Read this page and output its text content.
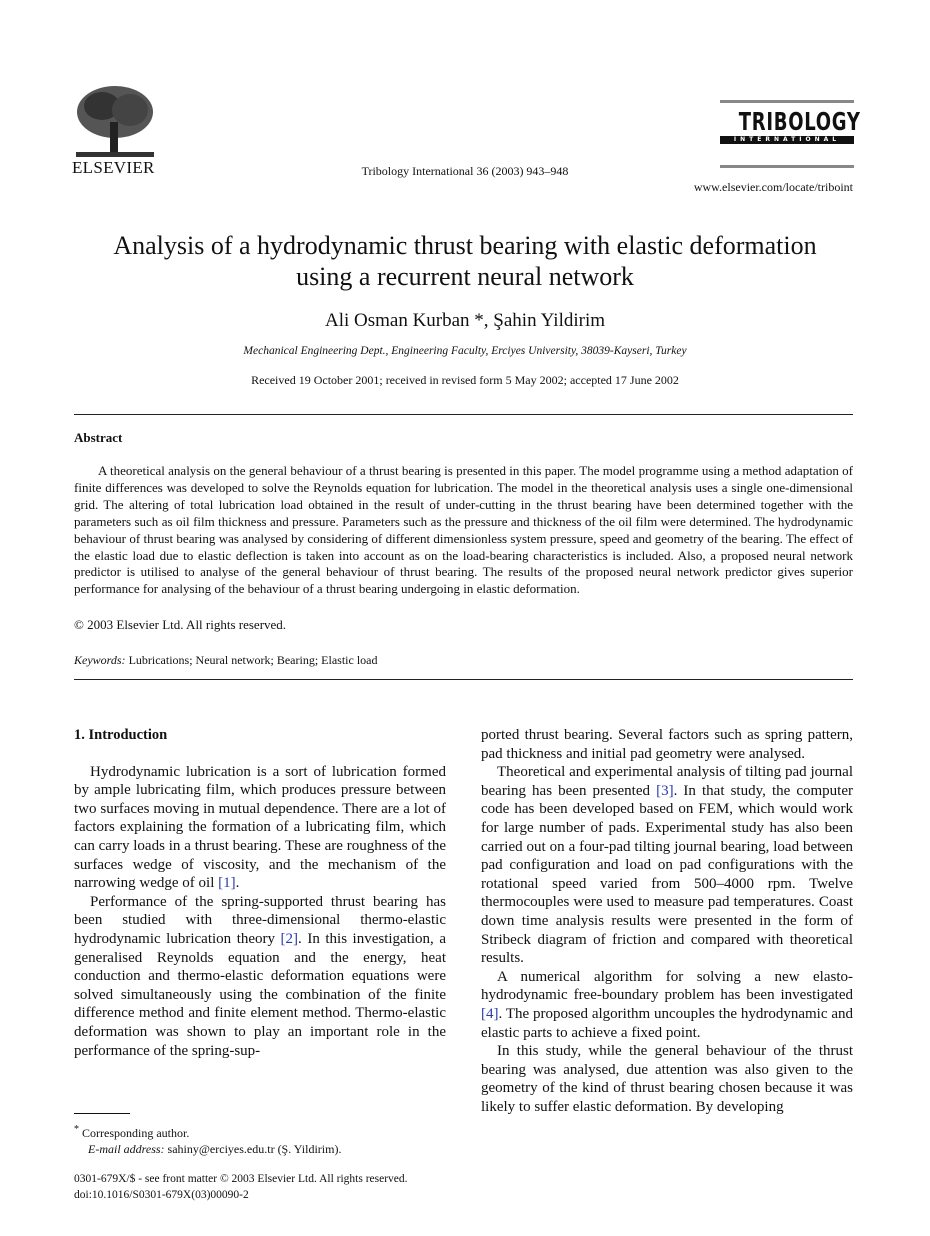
ELSEVIER	Tribology International 36 (2003) 943–948
TRIBOLOGY
INTERNATIONAL
www.elsevier.com/locate/triboint
Analysis of a hydrodynamic thrust bearing with elastic deformation
using a recurrent neural network
Ali Osman Kurban *, Şahin Yildirim
Mechanical Engineering Dept., Engineering Faculty, Erciyes University, 38039-Kayseri, Turkey
Received 19 October 2001; received in revised form 5 May 2002; accepted 17 June 2002
Abstract
A theoretical analysis on the general behaviour of a thrust bearing is presented in this paper. The model programme using a method adaptation of finite differences was developed to solve the Reynolds equation for lubrication. The model in the theoretical analysis uses a single one-dimensional grid. The altering of total lubrication load obtained in the result of under-cutting in the thrust bearing have been determined together with the parameters such as oil film thickness and pressure. Parameters such as the pressure and thickness of the oil film were determined. The hydrodynamic behaviour of thrust bearing was analysed by considering of different dimensionless system pressure, speed and geometry of the bearing. The effect of the elastic load due to elastic deflection is taken into account as on the load-bearing characteristics is included. Also, a proposed neural network predictor is utilised to analyse of the general behaviour of thrust bearing. The results of the proposed neural network predictor gives superior performance for analysing of the behaviour of a thrust bearing undergoing in elastic deformation.
© 2003 Elsevier Ltd. All rights reserved.
Keywords: Lubrications; Neural network; Bearing; Elastic load
1. Introduction

Hydrodynamic lubrication is a sort of lubrication formed by ample lubricating film, which produces pressure between two surfaces moving in mutual dependence. There are a lot of factors explaining the formation of a lubricating film, which can carry loads in a thrust bearing. These are roughness of the surfaces wedge of viscosity, and the mechanism of the narrowing wedge of oil [1].

Performance of the spring-supported thrust bearing has been studied with three-dimensional thermo-elastic hydrodynamic lubrication theory [2]. In this investigation, a generalised Reynolds equation and the energy, heat conduction and thermo-elastic deformation equations were solved simultaneously using the combination of the finite difference method and finite element method. Thermo-elastic deformation was shown to play an important role in the performance of the spring-sup-

ported thrust bearing. Several factors such as spring pattern, pad thickness and initial pad geometry were analysed.

Theoretical and experimental analysis of tilting pad journal bearing has been presented [3]. In that study, the computer code has been developed based on FEM, which would work for large number of pads. Experimental study has also been carried out on a four-pad tilting journal bearing, load between pad configuration and load on pad configurations with the rotational speed varied from 500–4000 rpm. Twelve thermocouples were used to measure pad temperatures. Coast down time analysis results were presented in the form of Stribeck diagram of friction and compared with theoretical results.

A numerical algorithm for solving a new elasto-hydrodynamic free-boundary problem has been investigated [4]. The proposed algorithm uncouples the hydrodynamic and elastic parts to achieve a fixed point.

In this study, while the general behaviour of the thrust bearing was analysed, due attention was also given to the geometry of the kind of thrust bearing chosen because it was likely to suffer elastic deformation. By developing

* Corresponding author.
E-mail address: sahiny@erciyes.edu.tr (Ş. Yildirim).
0301-679X/$ - see front matter © 2003 Elsevier Ltd. All rights reserved.
doi:10.1016/S0301-679X(03)00090-2
